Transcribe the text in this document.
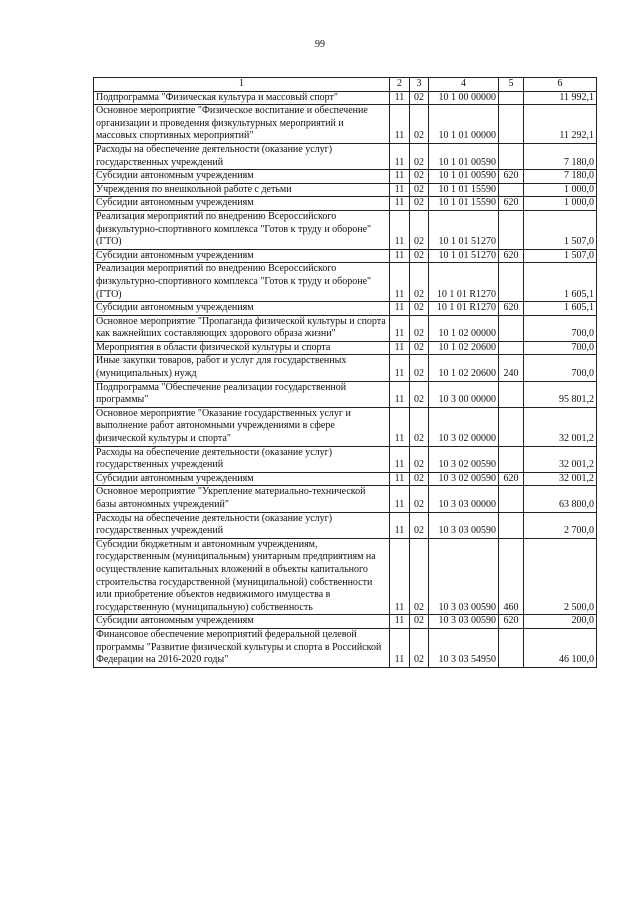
99
1	2	3	4	5	6
Подпрограмма "Физическая культура и массовый спорт"	11	02	10 1 00 00000		11 992,1
Основное мероприятие "Физическое воспитание и обеспечение организации и проведения физкультурных мероприятий и массовых спортивных мероприятий"	11	02	10 1 01 00000		11 292,1
Расходы на обеспечение деятельности (оказание услуг) государственных учреждений	11	02	10 1 01 00590		7 180,0
Субсидии автономным учреждениям	11	02	10 1 01 00590	620	7 180,0
Учреждения по внешкольной работе с детьми	11	02	10 1 01 15590		1 000,0
Субсидии автономным учреждениям	11	02	10 1 01 15590	620	1 000,0
Реализация мероприятий по внедрению Всероссийского физкультурно-спортивного комплекса "Готов к труду и обороне" (ГТО)	11	02	10 1 01 51270		1 507,0
Субсидии автономным учреждениям	11	02	10 1 01 51270	620	1 507,0
Реализация мероприятий по внедрению Всероссийского физкультурно-спортивного комплекса "Готов к труду и обороне" (ГТО)	11	02	10 1 01 R1270		1 605,1
Субсидии автономным учреждениям	11	02	10 1 01 R1270	620	1 605,1
Основное мероприятие "Пропаганда физической культуры и спорта как важнейших составляющих здорового образа жизни"	11	02	10 1 02 00000		700,0
Мероприятия в области физической культуры и спорта	11	02	10 1 02 20600		700,0
Иные закупки товаров, работ и услуг для государственных (муниципальных) нужд	11	02	10 1 02 20600	240	700,0
Подпрограмма "Обеспечение реализации государственной программы"	11	02	10 3 00 00000		95 801,2
Основное мероприятие "Оказание государственных услуг и выполнение работ автономными учреждениями в сфере физической культуры и спорта"	11	02	10 3 02 00000		32 001,2
Расходы на обеспечение деятельности (оказание услуг) государственных учреждений	11	02	10 3 02 00590		32 001,2
Субсидии автономным учреждениям	11	02	10 3 02 00590	620	32 001,2
Основное мероприятие "Укрепление материально-технической базы автономных учреждений"	11	02	10 3 03 00000		63 800,0
Расходы на обеспечение деятельности (оказание услуг) государственных учреждений	11	02	10 3 03 00590		2 700,0
Субсидии бюджетным и автономным учреждениям, государственным (муниципальным) унитарным предприятиям на осуществление капитальных вложений в объекты капитального строительства государственной (муниципальной) собственности или приобретение объектов недвижимого имущества в государственную (муниципальную) собственность	11	02	10 3 03 00590	460	2 500,0
Субсидии автономным учреждениям	11	02	10 3 03 00590	620	200,0
Финансовое обеспечение мероприятий федеральной целевой программы "Развитие физической культуры и спорта в Российской Федерации на 2016-2020 годы"	11	02	10 3 03 54950		46 100,0
